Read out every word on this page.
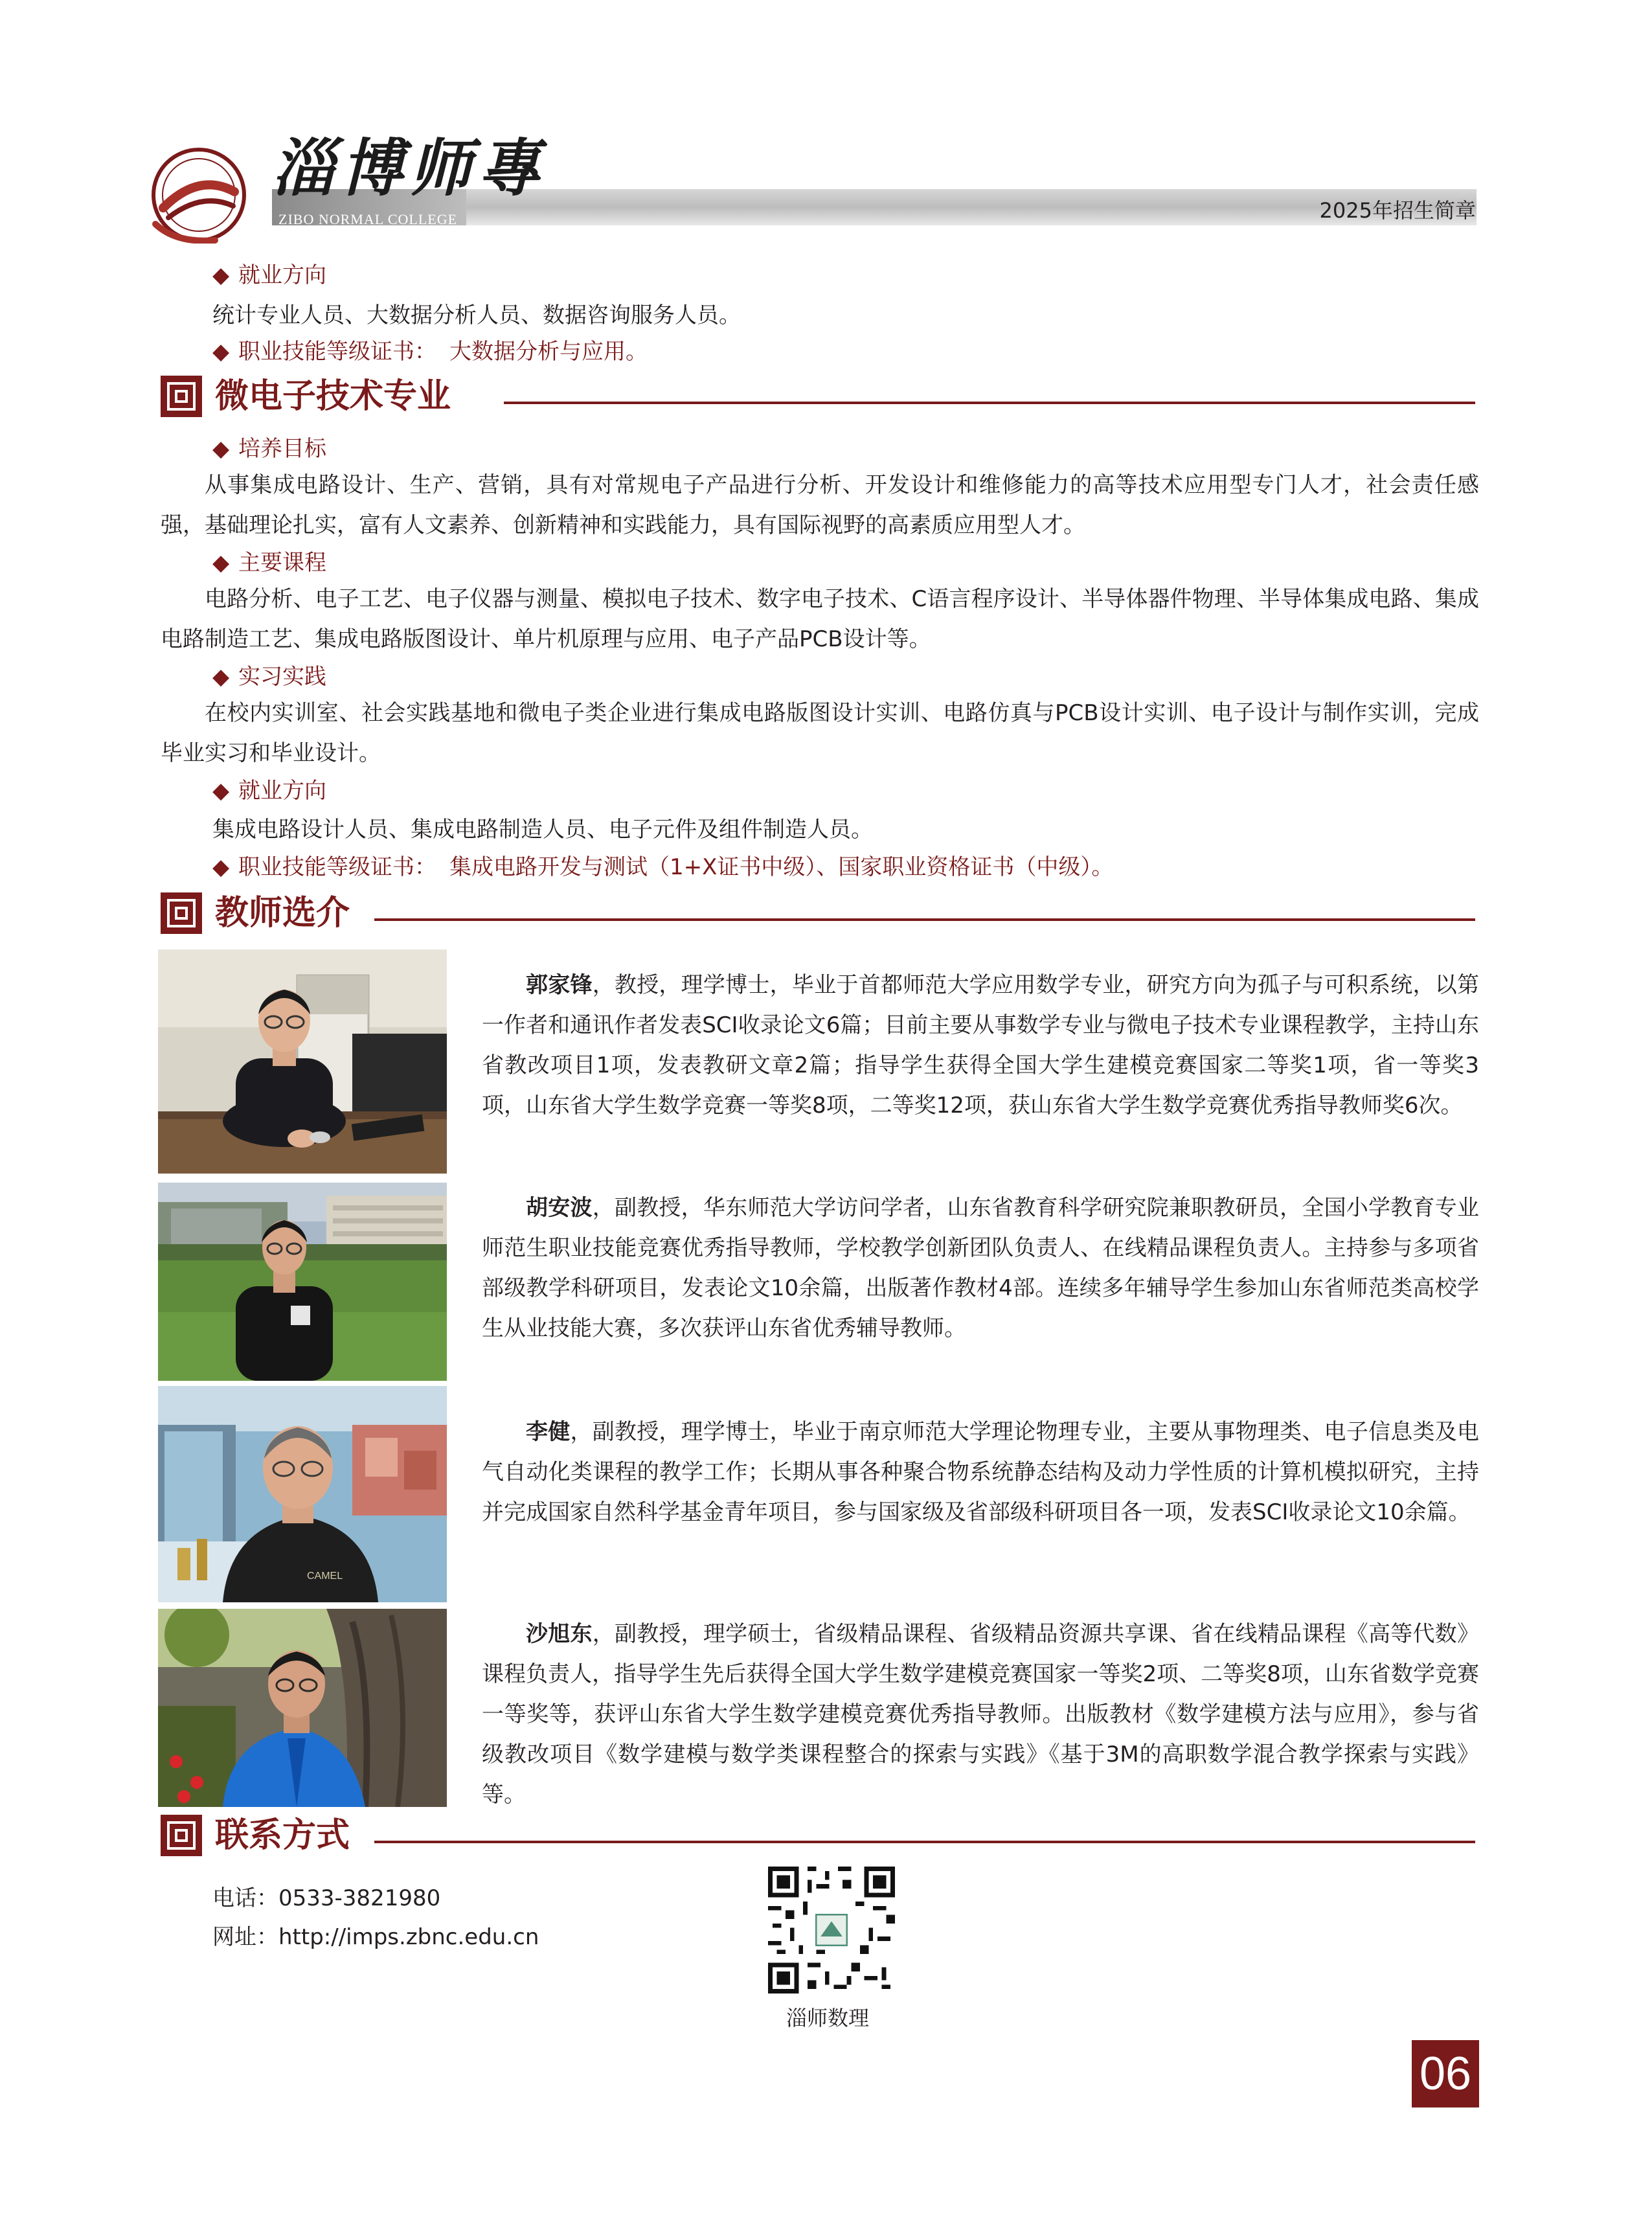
淄博师專
ZIBO NORMAL COLLEGE	2025年招生简章
◆ 就业方向
统计专业人员、大数据分析人员、数据咨询服务人员。
◆ 职业技能等级证书： 大数据分析与应用。
微电子技术专业
◆ 培养目标
从事集成电路设计、生产、营销，具有对常规电子产品进行分析、开发设计和维修能力的高等技术应用型专门人才，社会责任感强，基础理论扎实，富有人文素养、创新精神和实践能力，具有国际视野的高素质应用型人才。
◆ 主要课程
电路分析、电子工艺、电子仪器与测量、模拟电子技术、数字电子技术、C语言程序设计、半导体器件物理、半导体集成电路、集成电路制造工艺、集成电路版图设计、单片机原理与应用、电子产品PCB设计等。
◆ 实习实践
在校内实训室、社会实践基地和微电子类企业进行集成电路版图设计实训、电路仿真与PCB设计实训、电子设计与制作实训，完成毕业实习和毕业设计。
◆ 就业方向
集成电路设计人员、集成电路制造人员、电子元件及组件制造人员。
◆ 职业技能等级证书： 集成电路开发与测试（1+X证书中级）、国家职业资格证书（中级）。
教师选介
郭家锋，教授，理学博士，毕业于首都师范大学应用数学专业，研究方向为孤子与可积系统，以第一作者和通讯作者发表SCI收录论文6篇；目前主要从事数学专业与微电子技术专业课程教学，主持山东省教改项目1项，发表教研文章2篇；指导学生获得全国大学生建模竞赛国家二等奖1项，省一等奖3项，山东省大学生数学竞赛一等奖8项，二等奖12项，获山东省大学生数学竞赛优秀指导教师奖6次。
胡安波，副教授，华东师范大学访问学者，山东省教育科学研究院兼职教研员，全国小学教育专业师范生职业技能竞赛优秀指导教师，学校教学创新团队负责人、在线精品课程负责人。主持参与多项省部级教学科研项目，发表论文10余篇，出版著作教材4部。连续多年辅导学生参加山东省师范类高校学生从业技能大赛，多次获评山东省优秀辅导教师。
CAMEL
李健，副教授，理学博士，毕业于南京师范大学理论物理专业，主要从事物理类、电子信息类及电气自动化类课程的教学工作；长期从事各种聚合物系统静态结构及动力学性质的计算机模拟研究，主持并完成国家自然科学基金青年项目，参与国家级及省部级科研项目各一项，发表SCI收录论文10余篇。
沙旭东，副教授，理学硕士，省级精品课程、省级精品资源共享课、省在线精品课程《高等代数》课程负责人，指导学生先后获得全国大学生数学建模竞赛国家一等奖2项、二等奖8项，山东省数学竞赛一等奖等，获评山东省大学生数学建模竞赛优秀指导教师。出版教材《数学建模方法与应用》，参与省级教改项目《数学建模与数学类课程整合的探索与实践》《基于3M的高职数学混合教学探索与实践》等。
联系方式
电话：0533-3821980
网址：http://imps.zbnc.edu.cn
淄师数理
06
